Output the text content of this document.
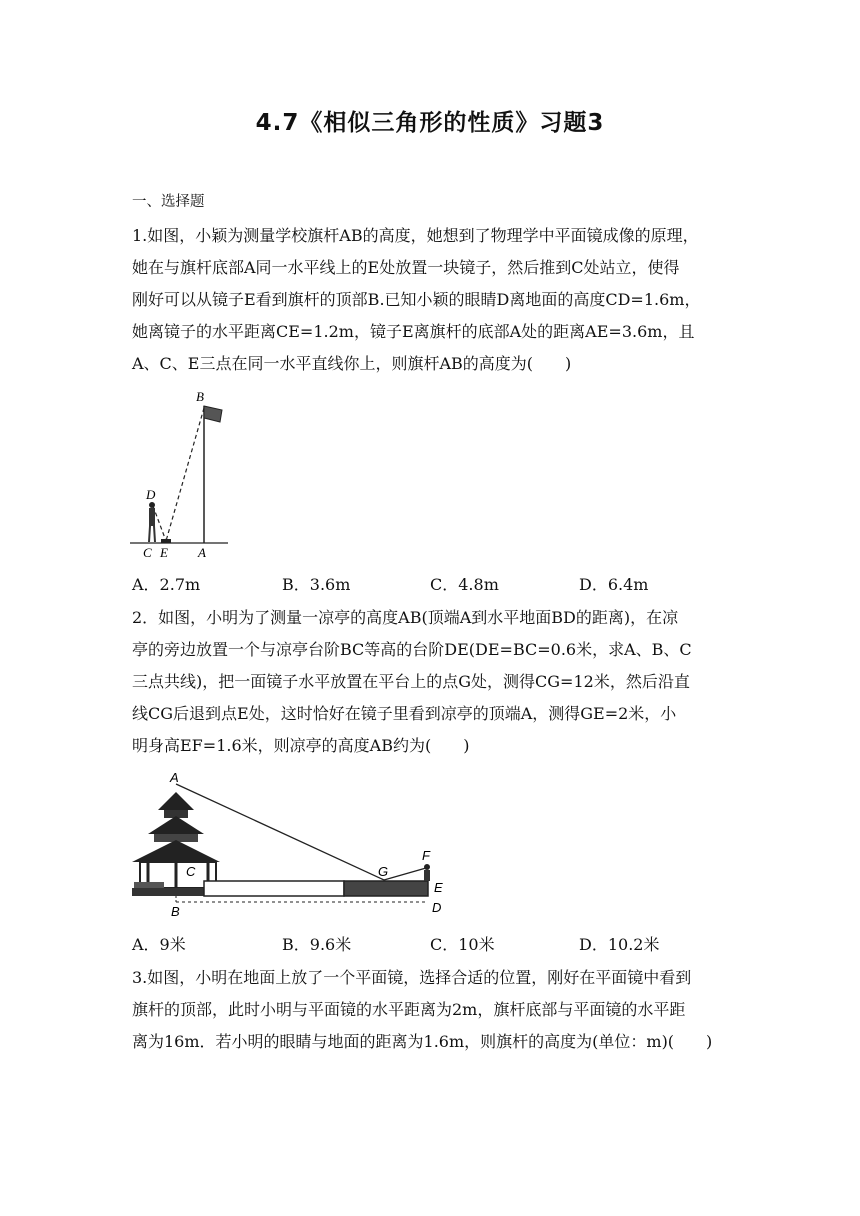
4.7《相似三角形的性质》习题3
一、选择题
1.如图，小颖为测量学校旗杆AB的高度，她想到了物理学中平面镜成像的原理，
她在与旗杆底部A同一水平线上的E处放置一块镜子，然后推到C处站立，使得
刚好可以从镜子E看到旗杆的顶部B.已知小颖的眼睛D离地面的高度CD=1.6m，
她离镜子的水平距离CE=1.2m，镜子E离旗杆的底部A处的距离AE=3.6m，且
A、C、E三点在同一水平直线你上，则旗杆AB的高度为(　　)
B
D
C E A
A．2.7m	B．3.6m	C．4.8m	D．6.4m
2．如图，小明为了测量一凉亭的高度AB(顶端A到水平地面BD的距离)，在凉
亭的旁边放置一个与凉亭台阶BC等高的台阶DE(DE=BC=0.6米，求A、B、C
三点共线)，把一面镜子水平放置在平台上的点G处，测得CG=12米，然后沿直
线CG后退到点E处，这时恰好在镜子里看到凉亭的顶端A，测得GE=2米，小
明身高EF=1.6米，则凉亭的高度AB约为(　　)
A
C
B
G
F
E
D
A．9米	B．9.6米	C．10米	D．10.2米
3.如图，小明在地面上放了一个平面镜，选择合适的位置，刚好在平面镜中看到
旗杆的顶部，此时小明与平面镜的水平距离为2m，旗杆底部与平面镜的水平距
离为16m．若小明的眼睛与地面的距离为1.6m，则旗杆的高度为(单位：m)(　　)
